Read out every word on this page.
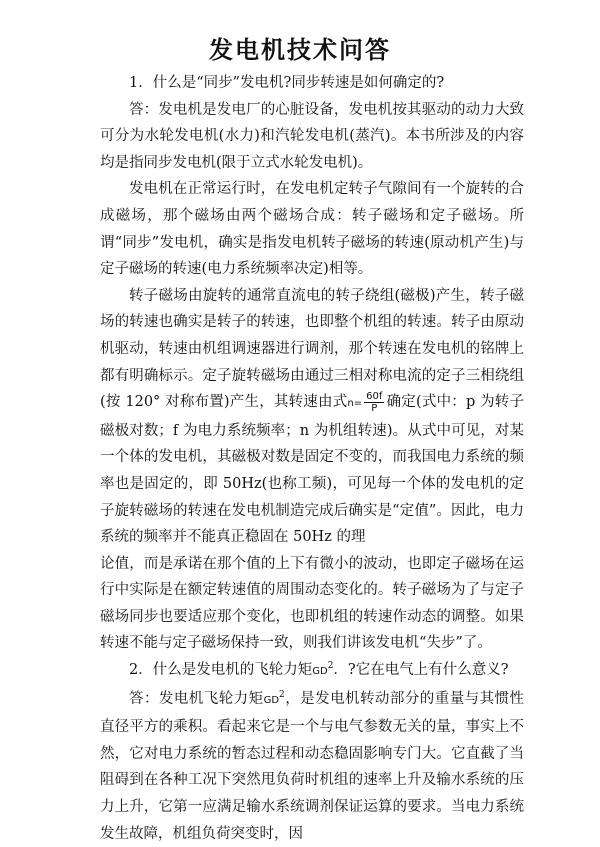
发电机技术问答

1．什么是“同步”发电机?同步转速是如何确定的?

答：发电机是发电厂的心脏设备，发电机按其驱动的动力大致可分为水轮发电机(水力)和汽轮发电机(蒸汽)。本书所涉及的内容均是指同步发电机(限于立式水轮发电机)。

发电机在正常运行时，在发电机定转子气隙间有一个旋转的合成磁场，那个磁场由两个磁场合成：转子磁场和定子磁场。所谓“同步”发电机，确实是指发电机转子磁场的转速(原动机产生)与定子磁场的转速(电力系统频率决定)相等。

转子磁场由旋转的通常直流电的转子绕组(磁极)产生，转子磁场的转速也确实是转子的转速，也即整个机组的转速。转子由原动机驱动，转速由机组调速器进行调剂，那个转速在发电机的铭牌上都有明确标示。定子旋转磁场由通过三相对称电流的定子三相绕组(按 120° 对称布置)产生，其转速由式$n= \frac{60f}{P}$ 确定(式中：p 为转子磁极对数；f 为电力系统频率；n 为机组转速)。从式中可见，对某一个体的发电机，其磁极对数是固定不变的，而我国电力系统的频率也是固定的，即 50Hz(也称工频)，可见每一个体的发电机的定子旋转磁场的转速在发电机制造完成后确实是“定值”。因此，电力系统的频率并不能真正稳固在 50Hz 的理

论值，而是承诺在那个值的上下有微小的波动，也即定子磁场在运行中实际是在额定转速值的周围动态变化的。转子磁场为了与定子磁场同步也要适应那个变化，也即机组的转速作动态的调整。如果转速不能与定子磁场保持一致，则我们讲该发电机“失步”了。

2．什么是发电机的飞轮力矩$GD^2$．?它在电气上有什么意义?

答：发电机飞轮力矩$GD^2$，是发电机转动部分的重量与其惯性直径平方的乘积。看起来它是一个与电气参数无关的量，事实上不然，它对电力系统的暂态过程和动态稳固影响专门大。它直截了当阻碍到在各种工况下突然甩负荷时机组的速率上升及输水系统的压力上升，它第一应满足输水系统调剂保证运算的要求。当电力系统发生故障，机组负荷突变时，因
